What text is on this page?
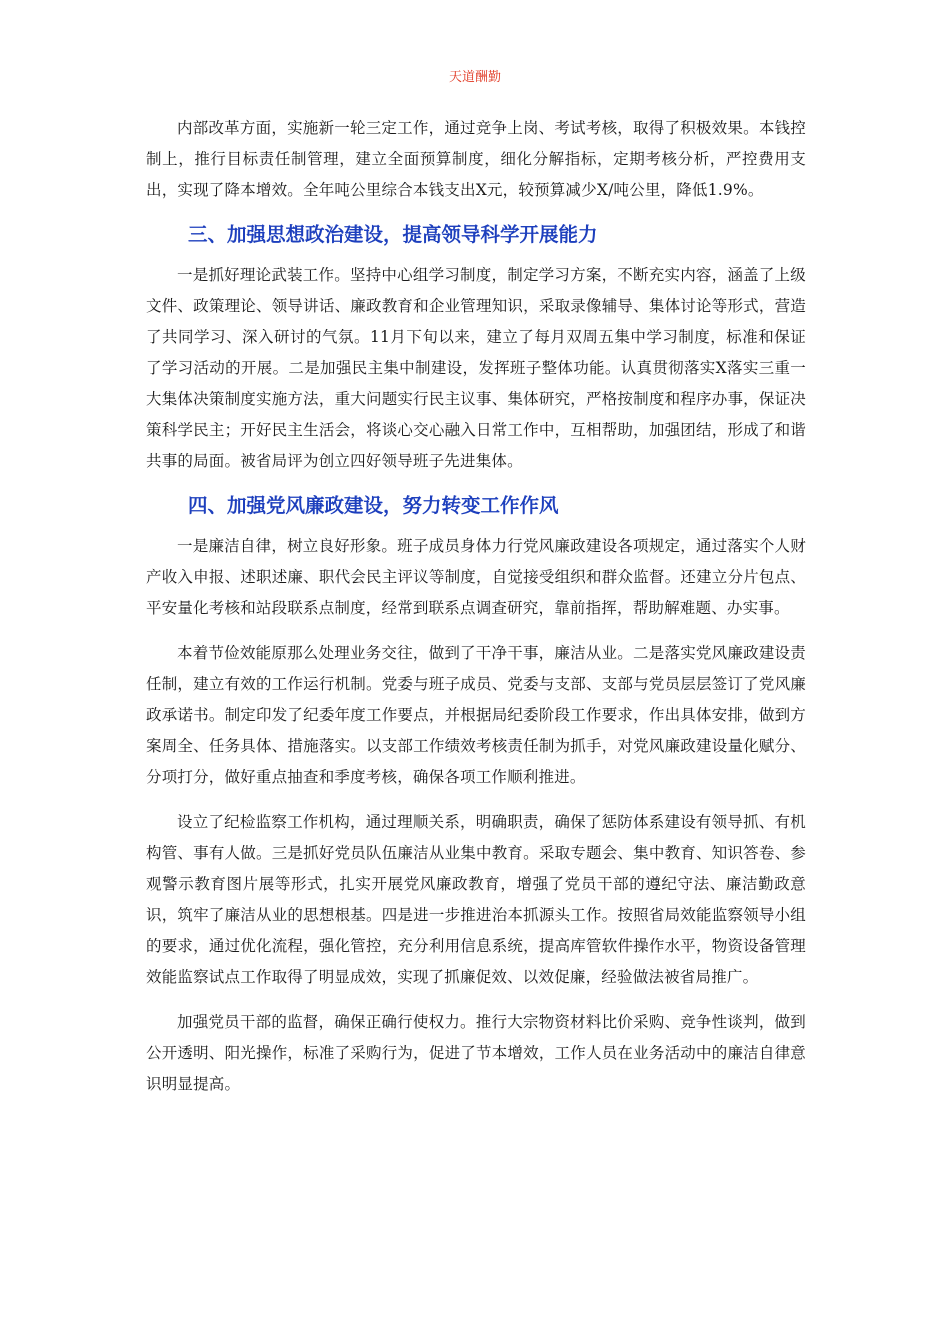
天道酬勤

内部改革方面，实施新一轮三定工作，通过竞争上岗、考试考核，取得了积极效果。本钱控制上，推行目标责任制管理，建立全面预算制度，细化分解指标，定期考核分析，严控费用支出，实现了降本增效。全年吨公里综合本钱支出X元，较预算减少X/吨公里，降低1.9%。

三、加强思想政治建设，提高领导科学开展能力

一是抓好理论武装工作。坚持中心组学习制度，制定学习方案，不断充实内容，涵盖了上级文件、政策理论、领导讲话、廉政教育和企业管理知识，采取录像辅导、集体讨论等形式，营造了共同学习、深入研讨的气氛。11月下旬以来，建立了每月双周五集中学习制度，标准和保证了学习活动的开展。二是加强民主集中制建设，发挥班子整体功能。认真贯彻落实X落实三重一大集体决策制度实施方法，重大问题实行民主议事、集体研究，严格按制度和程序办事，保证决策科学民主；开好民主生活会，将谈心交心融入日常工作中，互相帮助，加强团结，形成了和谐共事的局面。被省局评为创立四好领导班子先进集体。

四、加强党风廉政建设，努力转变工作作风

一是廉洁自律，树立良好形象。班子成员身体力行党风廉政建设各项规定，通过落实个人财产收入申报、述职述廉、职代会民主评议等制度，自觉接受组织和群众监督。还建立分片包点、平安量化考核和站段联系点制度，经常到联系点调查研究，靠前指挥，帮助解难题、办实事。

本着节俭效能原那么处理业务交往，做到了干净干事，廉洁从业。二是落实党风廉政建设责任制，建立有效的工作运行机制。党委与班子成员、党委与支部、支部与党员层层签订了党风廉政承诺书。制定印发了纪委年度工作要点，并根据局纪委阶段工作要求，作出具体安排，做到方案周全、任务具体、措施落实。以支部工作绩效考核责任制为抓手，对党风廉政建设量化赋分、分项打分，做好重点抽查和季度考核，确保各项工作顺利推进。

设立了纪检监察工作机构，通过理顺关系，明确职责，确保了惩防体系建设有领导抓、有机构管、事有人做。三是抓好党员队伍廉洁从业集中教育。采取专题会、集中教育、知识答卷、参观警示教育图片展等形式，扎实开展党风廉政教育，增强了党员干部的遵纪守法、廉洁勤政意识，筑牢了廉洁从业的思想根基。四是进一步推进治本抓源头工作。按照省局效能监察领导小组的要求，通过优化流程，强化管控，充分利用信息系统，提高库管软件操作水平，物资设备管理效能监察试点工作取得了明显成效，实现了抓廉促效、以效促廉，经验做法被省局推广。

加强党员干部的监督，确保正确行使权力。推行大宗物资材料比价采购、竞争性谈判，做到公开透明、阳光操作，标准了采购行为，促进了节本增效，工作人员在业务活动中的廉洁自律意识明显提高。
